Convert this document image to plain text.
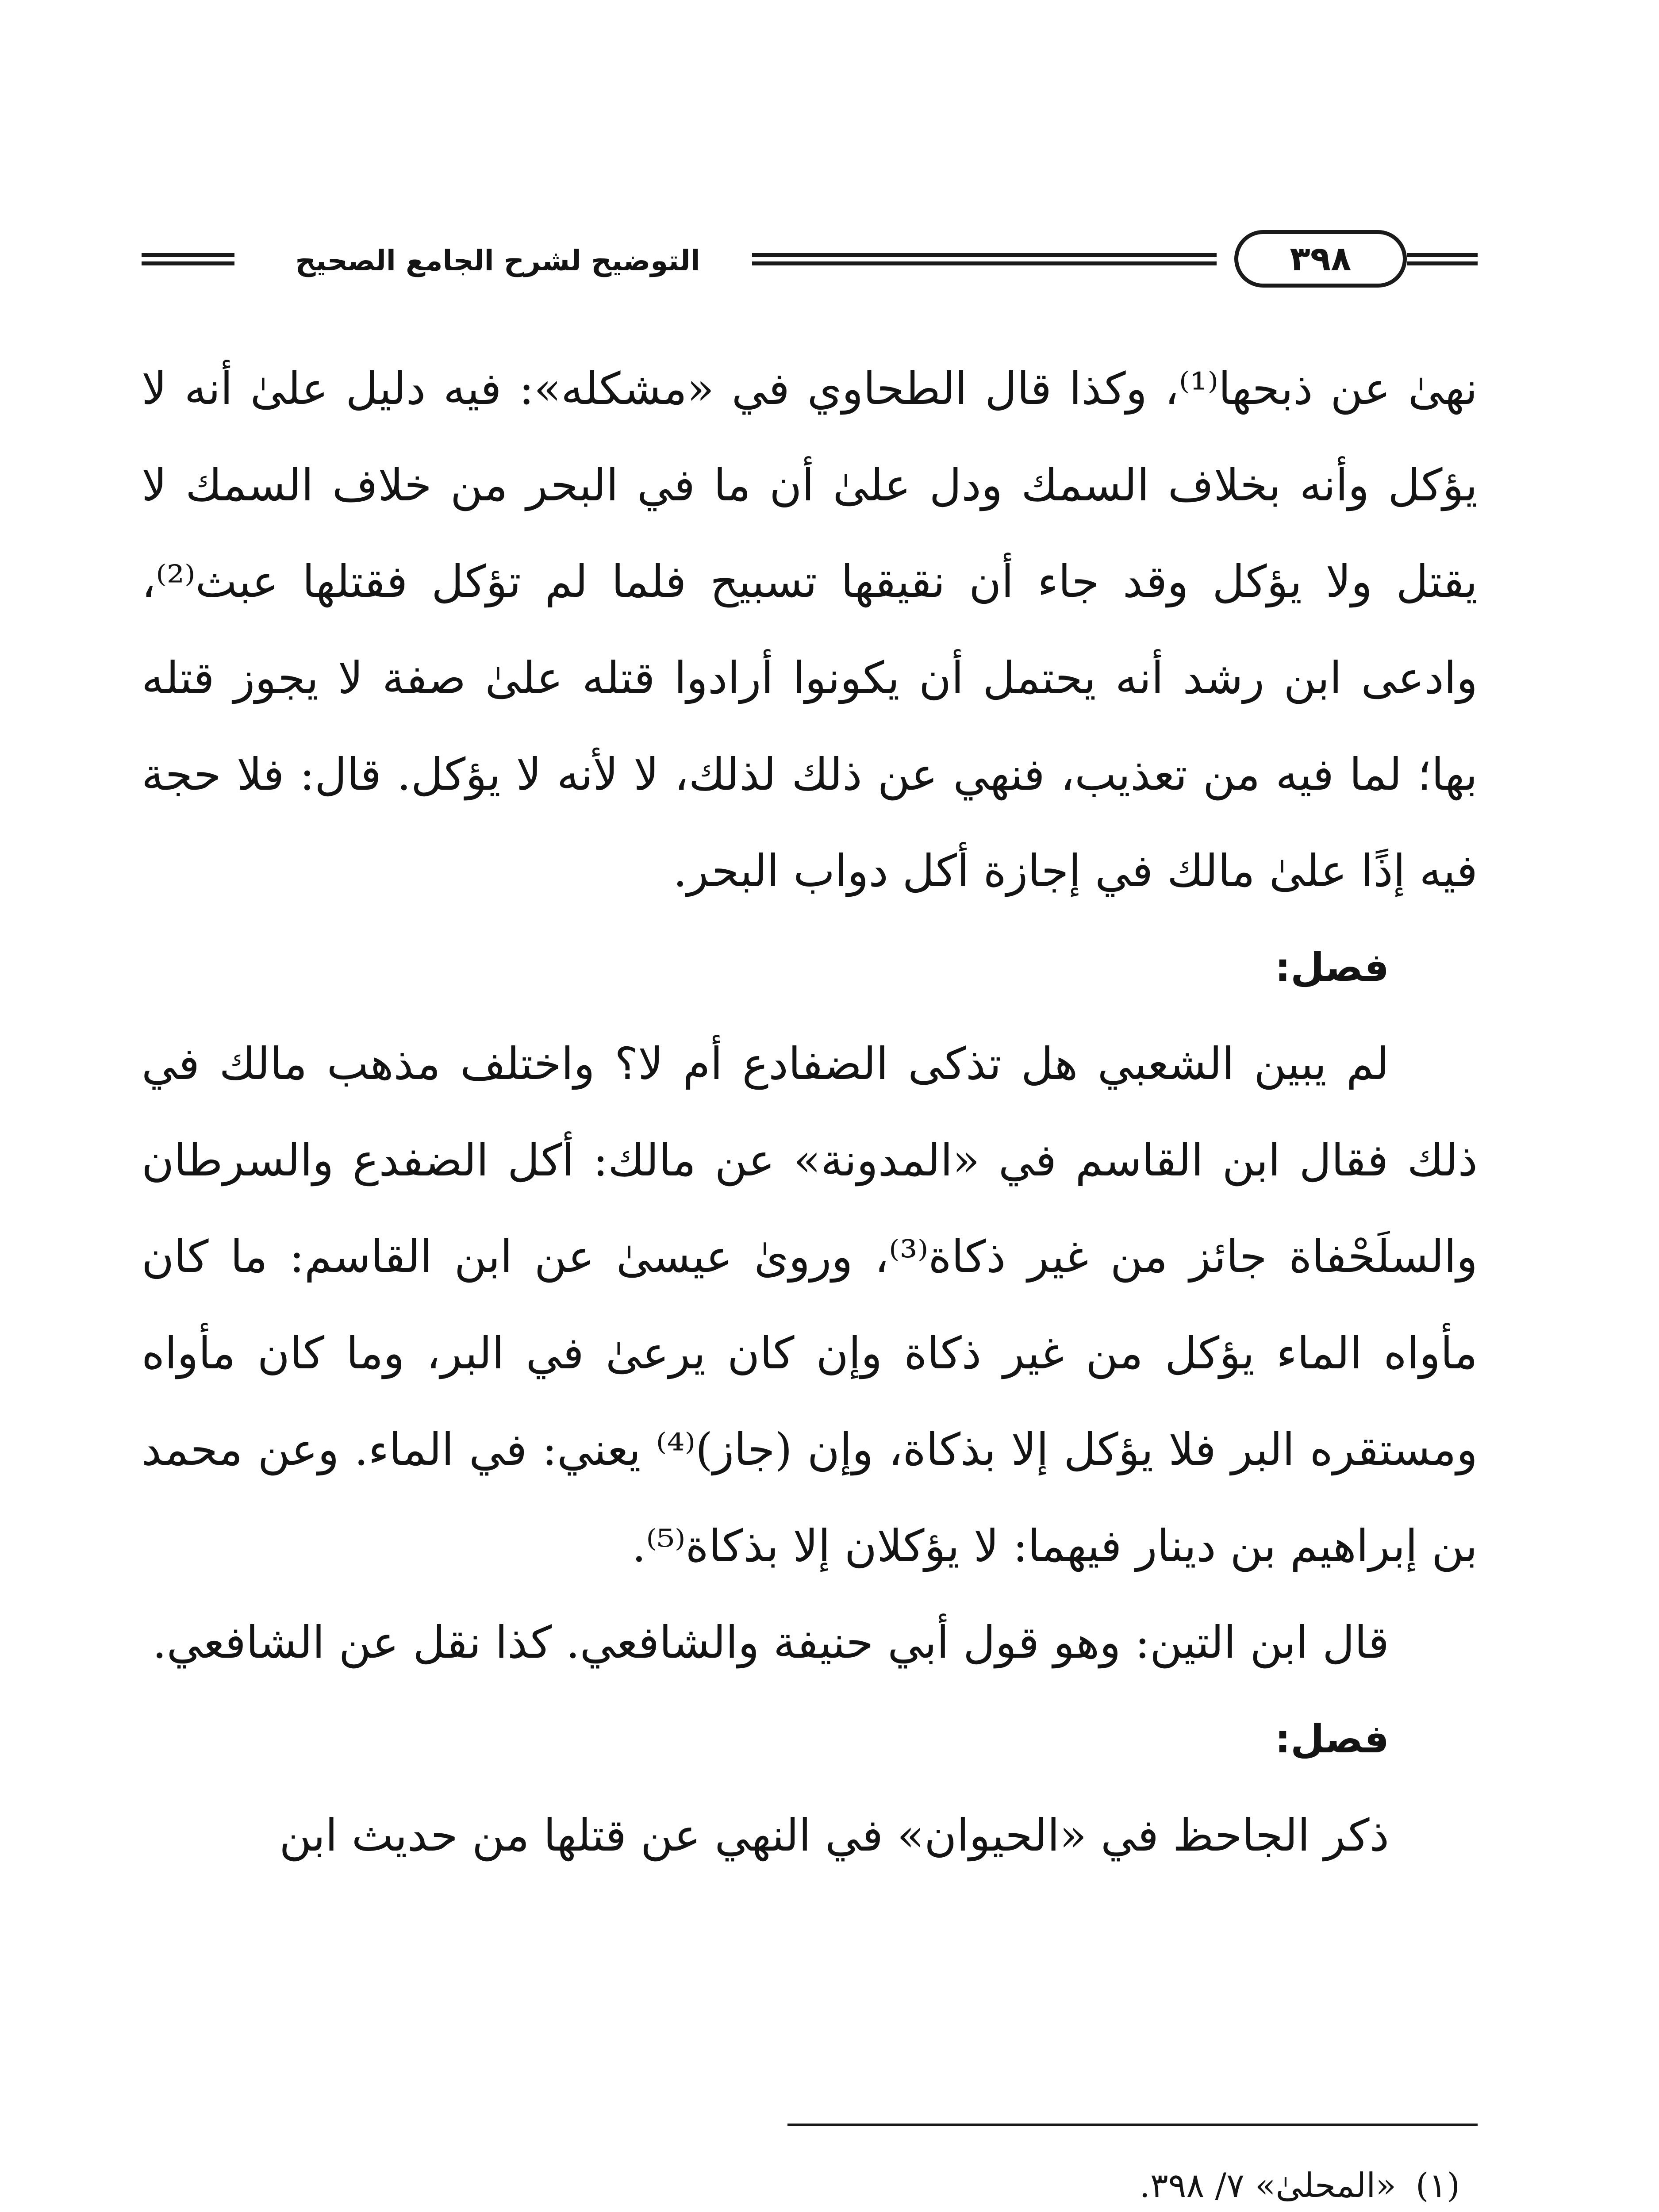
التوضيح لشرح الجامع الصحيح	٣٩٨

نهىٰ عن ذبحها⁽¹⁾، وكذا قال الطحاوي في «مشكله»: فيه دليل علىٰ أنه لا يؤكل وأنه بخلاف السمك ودل علىٰ أن ما في البحر من خلاف السمك لا يقتل ولا يؤكل وقد جاء أن نقيقها تسبيح فلما لم تؤكل فقتلها عبث⁽²⁾، وادعى ابن رشد أنه يحتمل أن يكونوا أرادوا قتله علىٰ صفة لا يجوز قتله بها؛ لما فيه من تعذيب، فنهي عن ذلك لذلك، لا لأنه لا يؤكل. قال: فلا حجة فيه إذًا علىٰ مالك في إجازة أكل دواب البحر.

فصل:

لم يبين الشعبي هل تذكى الضفادع أم لا؟ واختلف مذهب مالك في ذلك فقال ابن القاسم في «المدونة» عن مالك: أكل الضفدع والسرطان والسلَحْفاة جائز من غير ذكاة⁽³⁾، وروىٰ عيسىٰ عن ابن القاسم: ما كان مأواه الماء يؤكل من غير ذكاة وإن كان يرعىٰ في البر، وما كان مأواه ومستقره البر فلا يؤكل إلا بذكاة، وإن (جاز)⁽⁴⁾ يعني: في الماء. وعن محمد بن إبراهيم بن دينار فيهما: لا يؤكلان إلا بذكاة⁽⁵⁾.

قال ابن التين: وهو قول أبي حنيفة والشافعي. كذا نقل عن الشافعي.

فصل:

ذكر الجاحظ في «الحيوان» في النهي عن قتلها من حديث ابن

(١) «المحلىٰ» ٧/ ٣٩٨.
